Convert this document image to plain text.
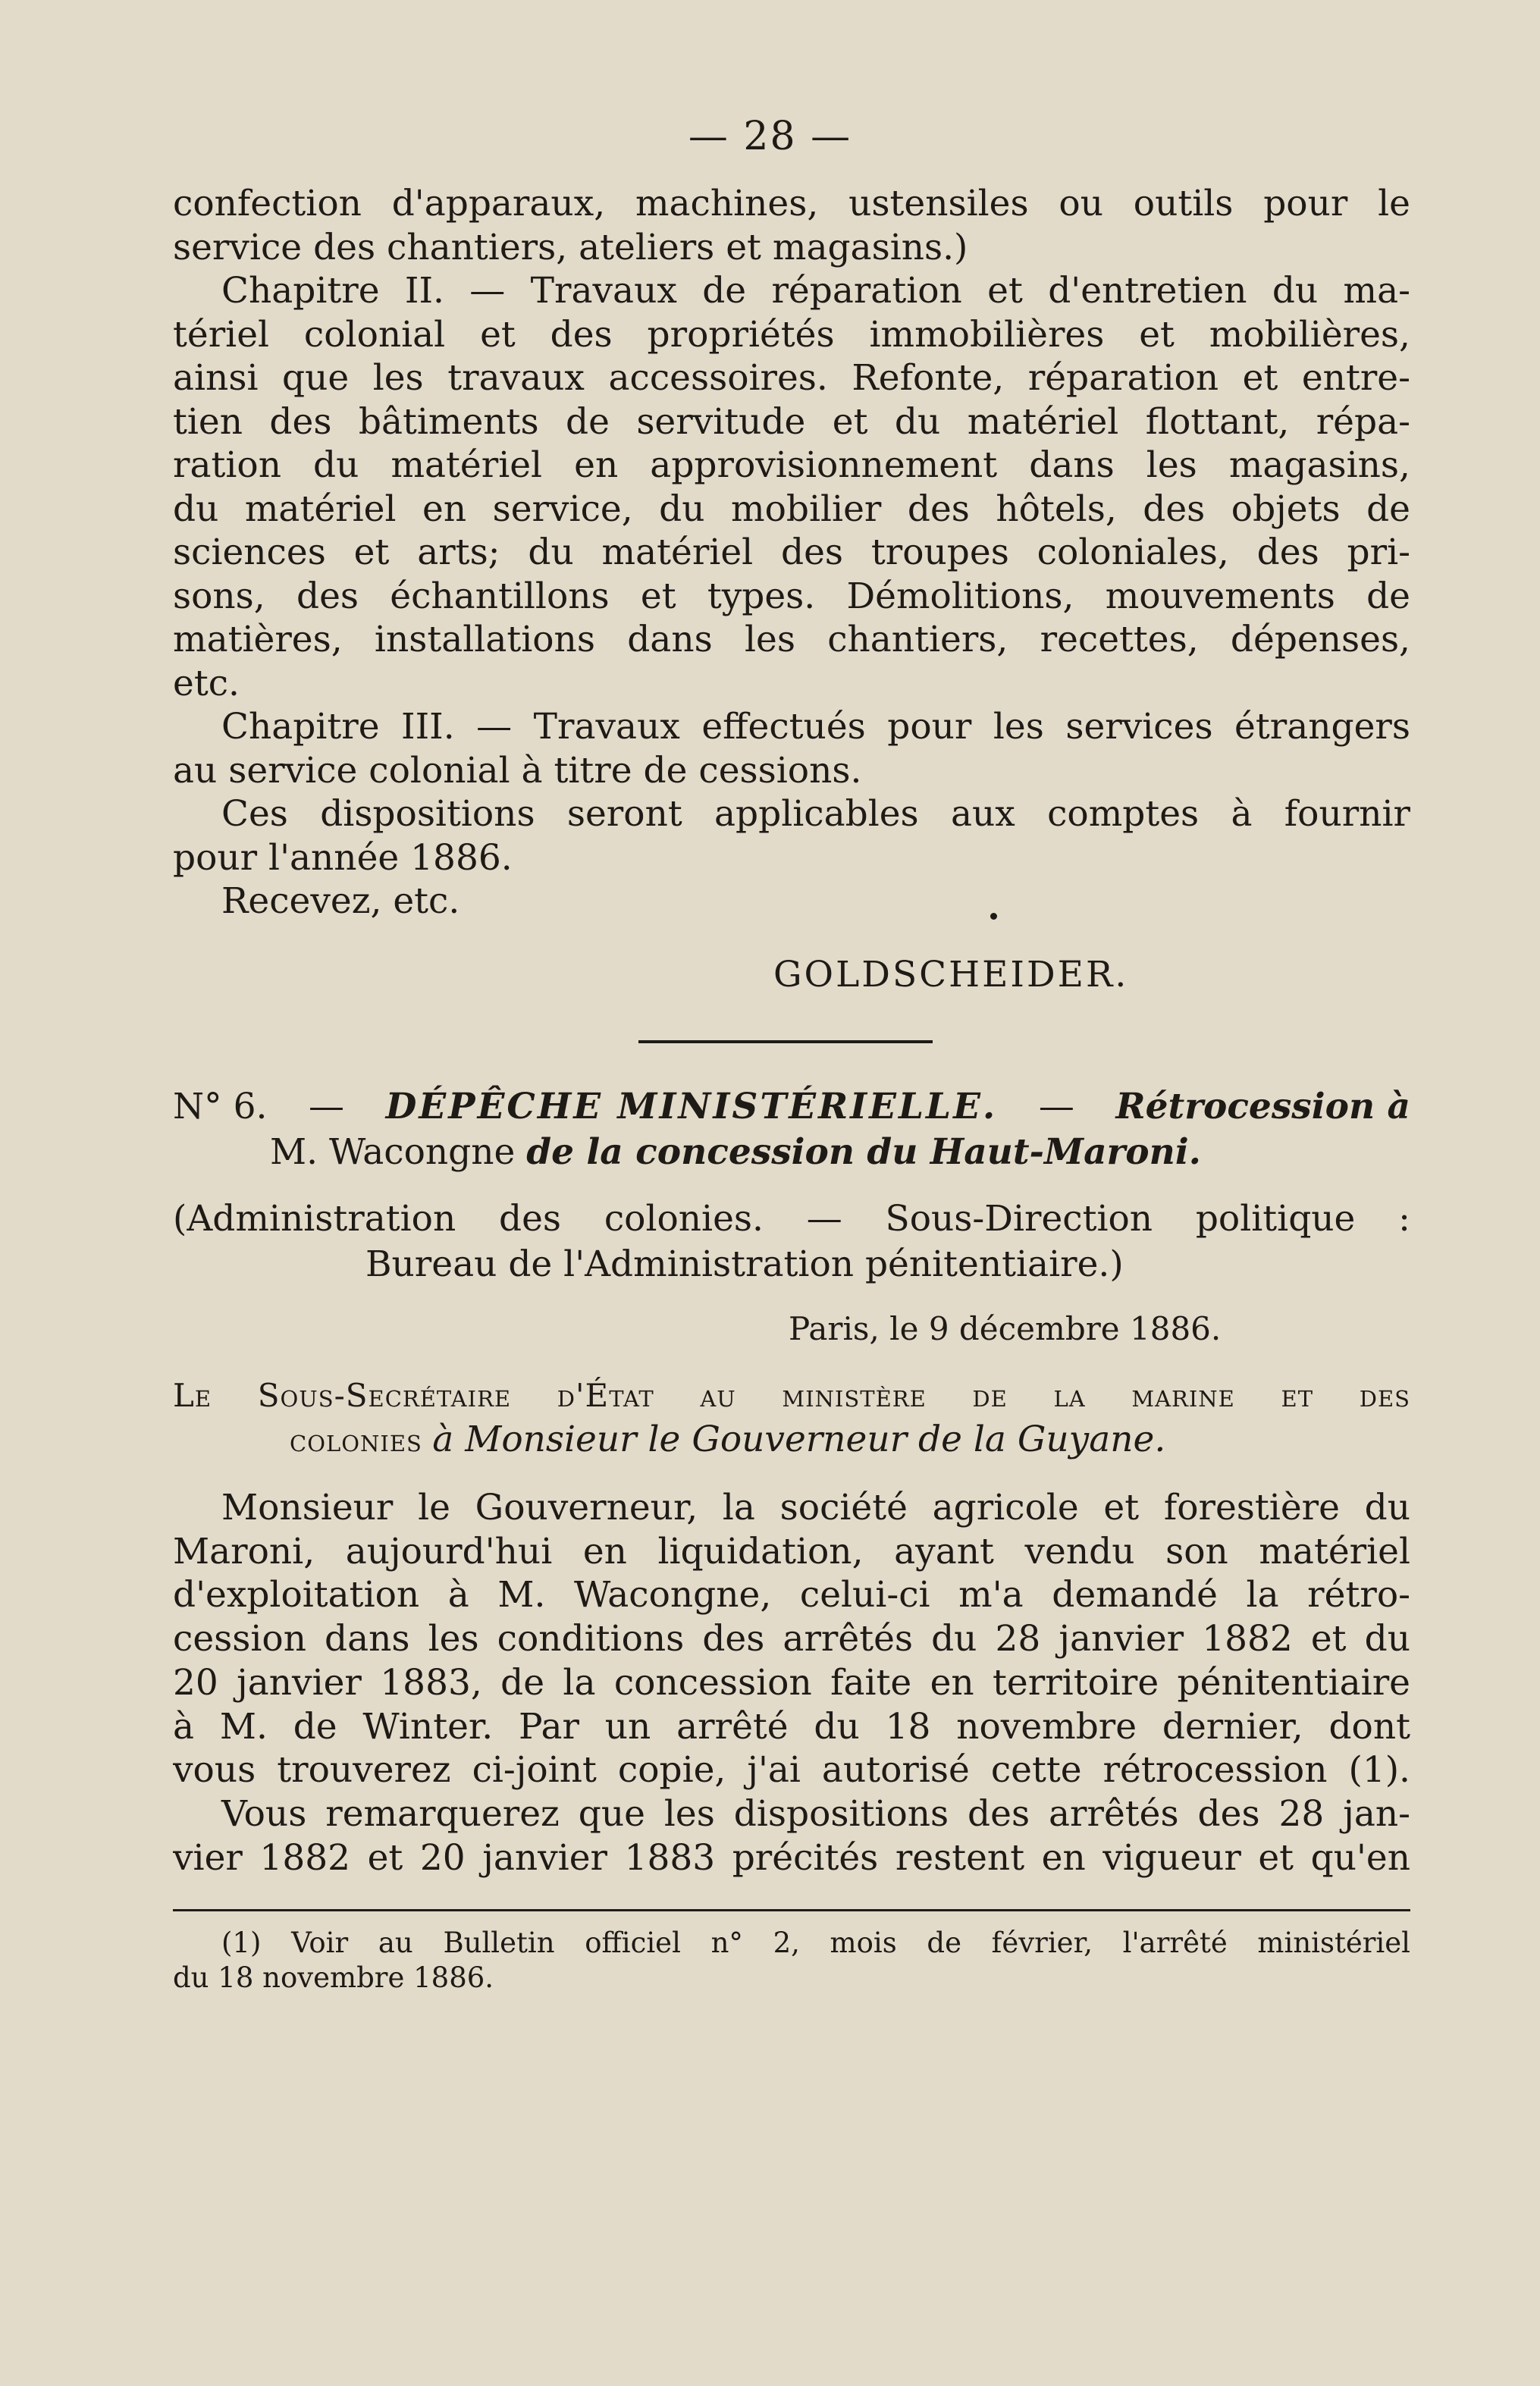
— 28 —

confection d'apparaux, machines, ustensiles ou outils pour le

service des chantiers, ateliers et magasins.)

Chapitre II. — Travaux de réparation et d'entretien du ma-

tériel colonial et des propriétés immobilières et mobilières,

ainsi que les travaux accessoires. Refonte, réparation et entre-

tien des bâtiments de servitude et du matériel flottant, répa-

ration du matériel en approvisionnement dans les magasins,

du matériel en service, du mobilier des hôtels, des objets de

sciences et arts; du matériel des troupes coloniales, des pri-

sons, des échantillons et types. Démolitions, mouvements de

matières, installations dans les chantiers, recettes, dépenses,

etc.

Chapitre III. — Travaux effectués pour les services étrangers

au service colonial à titre de cessions.

Ces dispositions seront applicables aux comptes à fournir

pour l'année 1886.

Recevez, etc.

GOLDSCHEIDER.
N° 6. — DÉPÊCHE MINISTÉRIELLE. — Rétrocession à
M. Wacongne de la concession du Haut-Maroni.
(Administration des colonies. — Sous-Direction politique :
Bureau de l'Administration pénitentiaire.)
Paris, le 9 décembre 1886.
Le Sous-Secrétaire d'État au ministère de la marine et des
colonies à Monsieur le Gouverneur de la Guyane.

Monsieur le Gouverneur, la société agricole et forestière du

Maroni, aujourd'hui en liquidation, ayant vendu son matériel

d'exploitation à M. Wacongne, celui-ci m'a demandé la rétro-

cession dans les conditions des arrêtés du 28 janvier 1882 et du

20 janvier 1883, de la concession faite en territoire pénitentiaire

à M. de Winter. Par un arrêté du 18 novembre dernier, dont

vous trouverez ci-joint copie, j'ai autorisé cette rétrocession (1).

Vous remarquerez que les dispositions des arrêtés des 28 jan-

vier 1882 et 20 janvier 1883 précités restent en vigueur et qu'en

(1) Voir au Bulletin officiel n° 2, mois de février, l'arrêté ministériel

du 18 novembre 1886.
